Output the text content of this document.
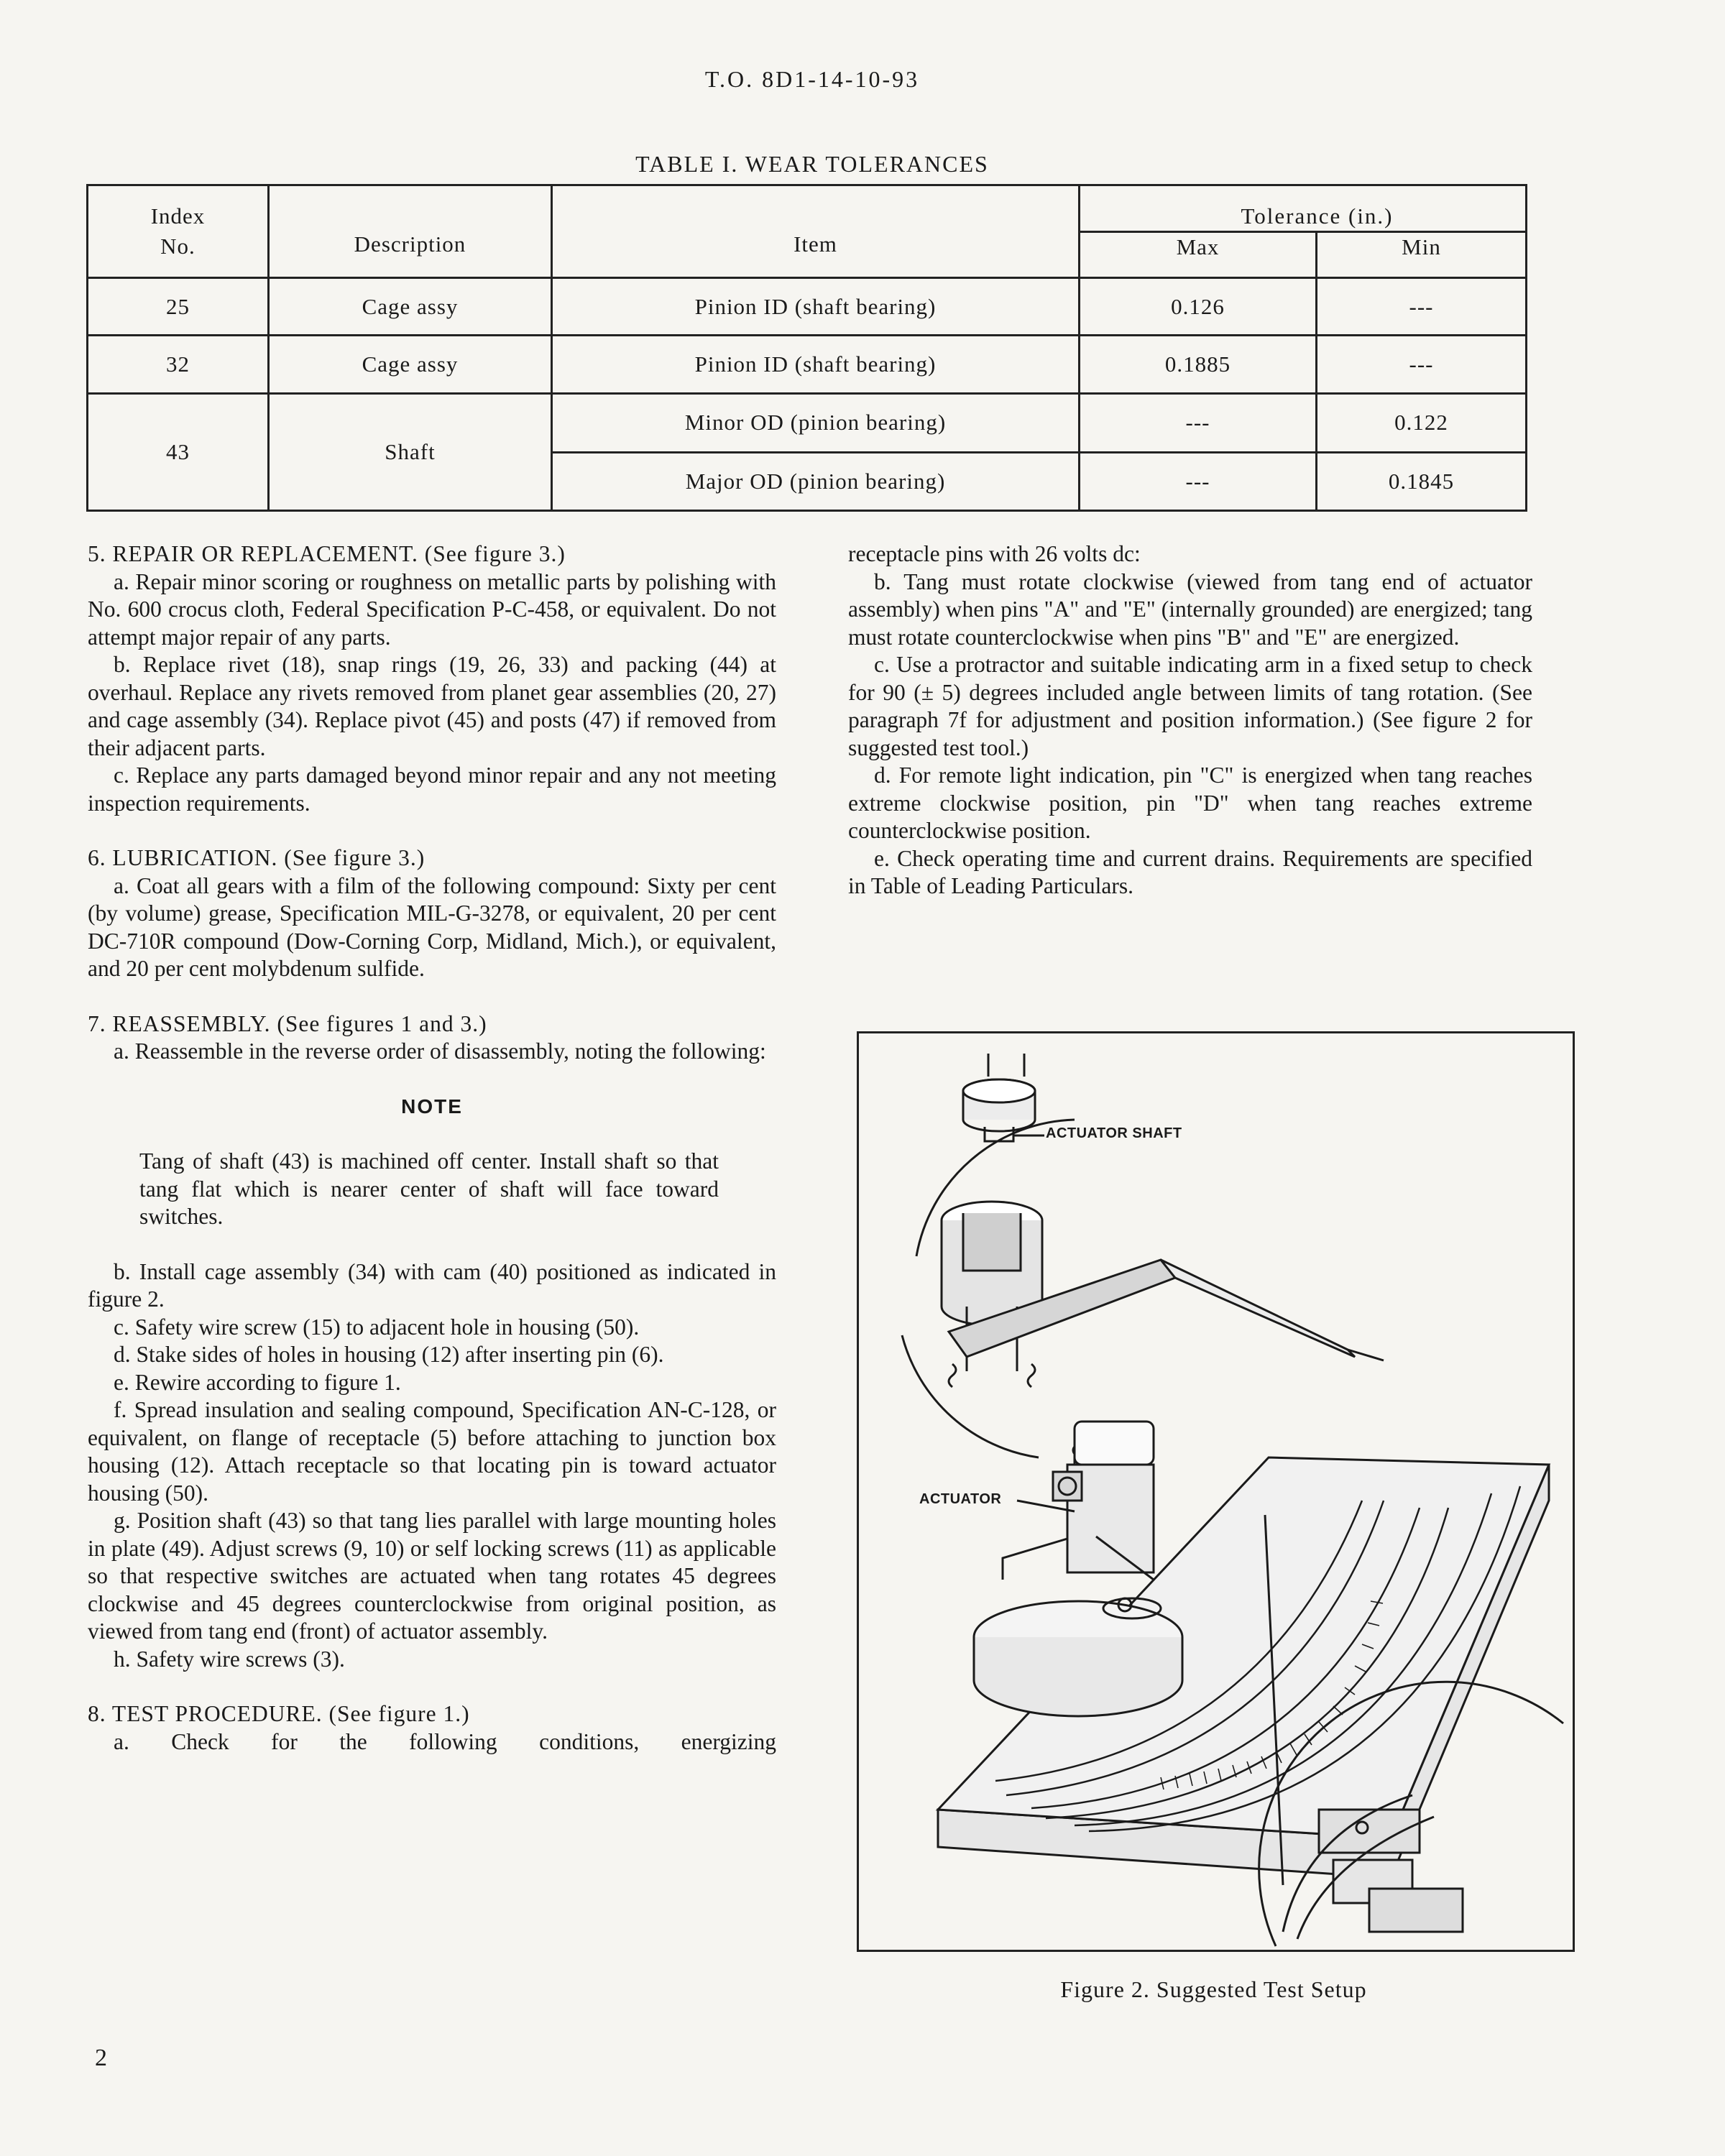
T.O. 8D1-14-10-93
TABLE I. WEAR TOLERANCES
Index No.	Description	Item	Tolerance (in.)	
			Max	Min
25	Cage assy	Pinion ID (shaft bearing)	0.126	---
32	Cage assy	Pinion ID (shaft bearing)	0.1885	---
43	Shaft	Minor OD (pinion bearing)	---	0.122
		Major OD (pinion bearing)	---	0.1845

5. REPAIR OR REPLACEMENT. (See figure 3.)

a. Repair minor scoring or roughness on metallic parts by polishing with No. 600 crocus cloth, Federal Specification P-C-458, or equivalent. Do not attempt major repair of any parts.

b. Replace rivet (18), snap rings (19, 26, 33) and packing (44) at overhaul. Replace any rivets removed from planet gear assemblies (20, 27) and cage assembly (34). Replace pivot (45) and posts (47) if removed from their adjacent parts.

c. Replace any parts damaged beyond minor repair and any not meeting inspection requirements.

6. LUBRICATION. (See figure 3.)

a. Coat all gears with a film of the following compound: Sixty per cent (by volume) grease, Specification MIL-G-3278, or equivalent, 20 per cent DC-710R compound (Dow-Corning Corp, Midland, Mich.), or equivalent, and 20 per cent molybdenum sulfide.

7. REASSEMBLY. (See figures 1 and 3.)

a. Reassemble in the reverse order of disassembly, noting the following:

NOTE

Tang of shaft (43) is machined off center. Install shaft so that tang flat which is nearer center of shaft will face toward switches.

b. Install cage assembly (34) with cam (40) positioned as indicated in figure 2.

c. Safety wire screw (15) to adjacent hole in housing (50).

d. Stake sides of holes in housing (12) after inserting pin (6).

e. Rewire according to figure 1.

f. Spread insulation and sealing compound, Specification AN-C-128, or equivalent, on flange of receptacle (5) before attaching to junction box housing (12). Attach receptacle so that locating pin is toward actuator housing (50).

g. Position shaft (43) so that tang lies parallel with large mounting holes in plate (49). Adjust screws (9, 10) or self locking screws (11) as applicable so that respective switches are actuated when tang rotates 45 degrees clockwise and 45 degrees counterclockwise from original position, as viewed from tang end (front) of actuator assembly.

h. Safety wire screws (3).

8. TEST PROCEDURE. (See figure 1.)

a. Check for the following conditions, energizing

receptacle pins with 26 volts dc:

b. Tang must rotate clockwise (viewed from tang end of actuator assembly) when pins "A" and "E" (internally grounded) are energized; tang must rotate counterclockwise when pins "B" and "E" are energized.

c. Use a protractor and suitable indicating arm in a fixed setup to check for 90 (± 5) degrees included angle between limits of tang rotation. (See paragraph 7f for adjustment and position information.) (See figure 2 for suggested test tool.)

d. For remote light indication, pin "C" is energized when tang reaches extreme clockwise position, pin "D" when tang reaches extreme counterclockwise position.

e. Check operating time and current drains. Requirements are specified in Table of Leading Particulars.

ACTUATOR SHAFT
ACTUATOR
Figure 2. Suggested Test Setup
2
